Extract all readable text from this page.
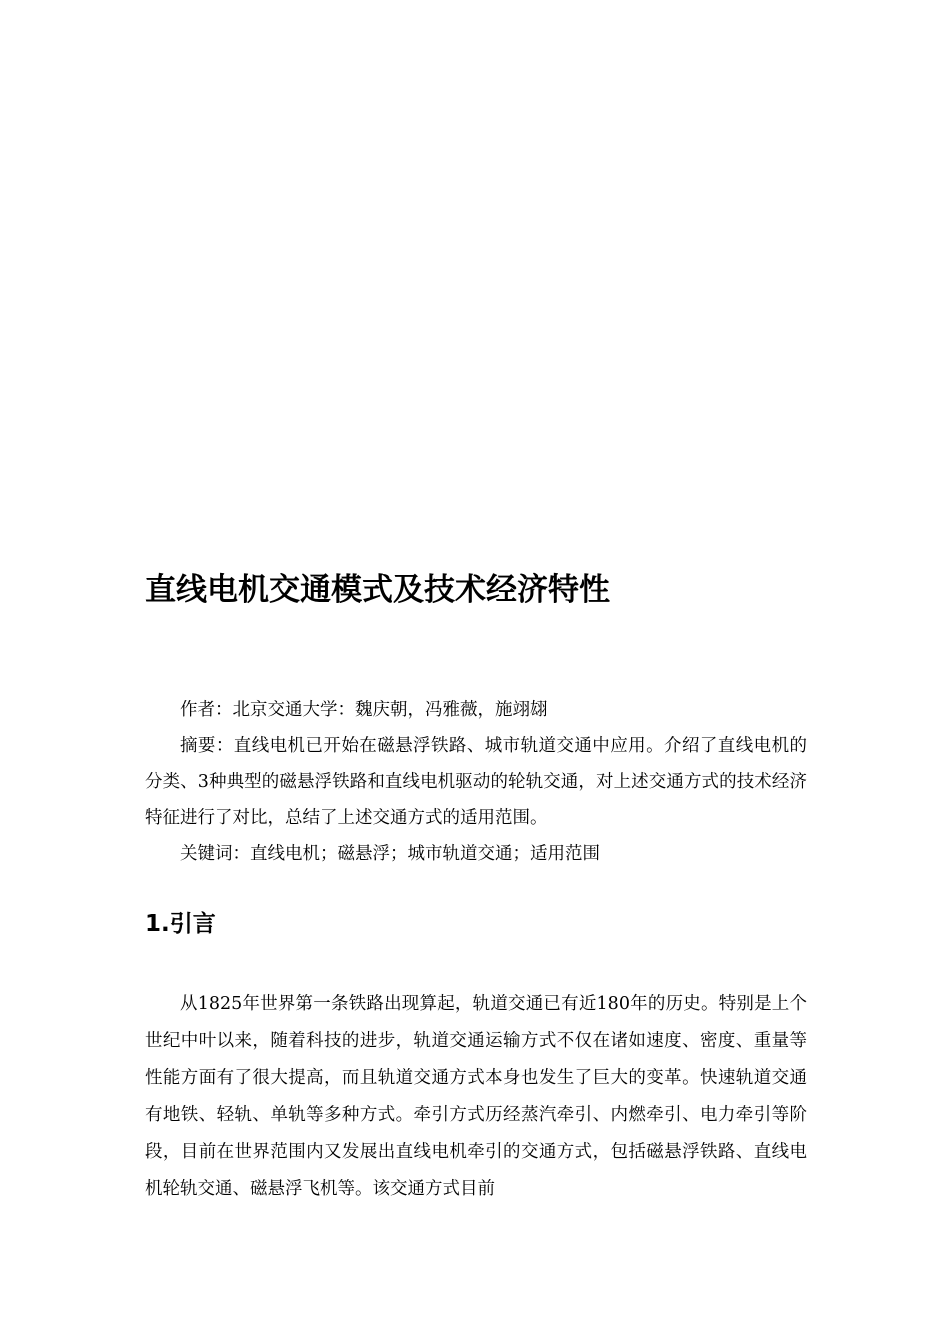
直线电机交通模式及技术经济特性

作者：北京交通大学：魏庆朝，冯雅薇，施翊翃

摘要：直线电机已开始在磁悬浮铁路、城市轨道交通中应用。介绍了直线电机的分类、3种典型的磁悬浮铁路和直线电机驱动的轮轨交通，对上述交通方式的技术经济特征进行了对比，总结了上述交通方式的适用范围。

关键词：直线电机；磁悬浮；城市轨道交通；适用范围

1.引言

从1825年世界第一条铁路出现算起，轨道交通已有近180年的历史。特别是上个世纪中叶以来，随着科技的进步，轨道交通运输方式不仅在诸如速度、密度、重量等性能方面有了很大提高，而且轨道交通方式本身也发生了巨大的变革。快速轨道交通有地铁、轻轨、单轨等多种方式。牵引方式历经蒸汽牵引、内燃牵引、电力牵引等阶段，目前在世界范围内又发展出直线电机牵引的交通方式，包括磁悬浮铁路、直线电机轮轨交通、磁悬浮飞机等。该交通方式目前
